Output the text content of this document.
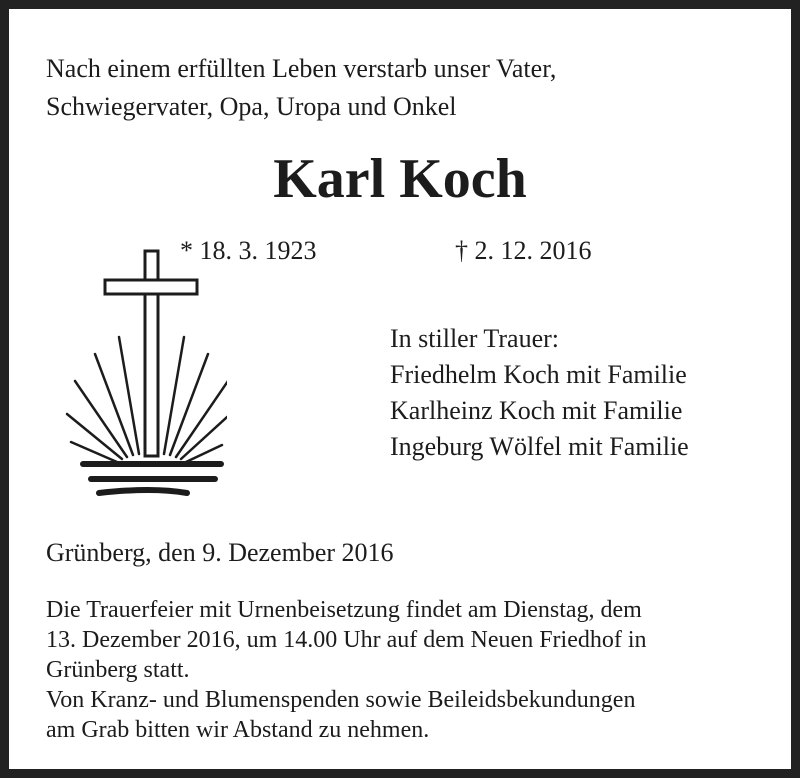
Nach einem erfüllten Leben verstarb unser Vater,
Schwiegervater, Opa, Uropa und Onkel
Karl Koch
* 18. 3. 1923	† 2. 12. 2016
In stiller Trauer:
Friedhelm Koch mit Familie
Karlheinz Koch mit Familie
Ingeburg Wölfel mit Familie
Grünberg, den 9. Dezember 2016
Die Trauerfeier mit Urnenbeisetzung findet am Dienstag, dem
13. Dezember 2016, um 14.00 Uhr auf dem Neuen Friedhof in
Grünberg statt.
Von Kranz- und Blumenspenden sowie Beileidsbekundungen
am Grab bitten wir Abstand zu nehmen.
